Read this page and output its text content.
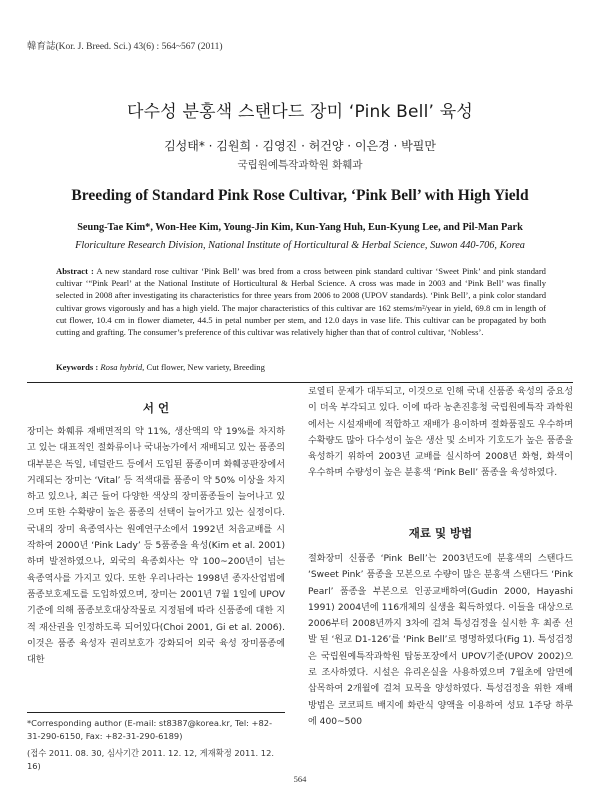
韓育誌(Kor. J. Breed. Sci.) 43(6) : 564~567 (2011)
다수성 분홍색 스탠다드 장미 ‘Pink Bell’ 육성
김성태* · 김원희 · 김영진 · 허건양 · 이은경 · 박필만
국립원예특작과학원 화훼과
Breeding of Standard Pink Rose Cultivar, ‘Pink Bell’ with High Yield
Seung-Tae Kim*, Won-Hee Kim, Young-Jin Kim, Kun-Yang Huh, Eun-Kyung Lee, and Pil-Man Park
Floriculture Research Division, National Institute of Horticultural & Herbal Science, Suwon 440-706, Korea
Abstract : A new standard rose cultivar ‘Pink Bell’ was bred from a cross between pink standard cultivar ‘Sweet Pink’ and pink standard cultivar ‘“Pink Pearl’ at the National Institute of Horticultural & Herbal Science. A cross was made in 2003 and ‘Pink Bell’ was finally selected in 2008 after investigating its characteristics for three years from 2006 to 2008 (UPOV standards). ‘Pink Bell’, a pink color standard cultivar grows vigorously and has a high yield. The major characteristics of this cultivar are 162 stems/m²/year in yield, 69.8 cm in length of cut flower, 10.4 cm in flower diameter, 44.5 in petal number per stem, and 12.0 days in vase life. This cultivar can be propagated by both cutting and grafting. The consumer’s preference of this cultivar was relatively higher than that of control cultivar, ‘Nobless’.
Keywords : Rosa hybrid, Cut flower, New variety, Breeding
서 언

장미는 화훼류 재배면적의 약 11%, 생산액의 약 19%를 차지하고 있는 대표적인 절화류이나 국내농가에서 재배되고 있는 품종의 대부분은 독일, 네덜란드 등에서 도입된 품종이며 화훼공판장에서 거래되는 장미는 ‘Vital’ 등 적색대를 품종이 약 50% 이상을 차지하고 있으나, 최근 들어 다양한 색상의 장미품종들이 늘어나고 있으며 또한 수확량이 높은 품종의 선택이 늘어가고 있는 실정이다. 국내의 장미 육종역사는 원예연구소에서 1992년 처음교배를 시작하여 2000년 ‘Pink Lady’ 등 5품종을 육성(Kim et al. 2001)하며 발전하였으나, 외국의 육종회사는 약 100~200년이 넘는 육종역사를 가지고 있다. 또한 우리나라는 1998년 종자산업법에 품종보호제도를 도입하였으며, 장미는 2001년 7월 1일에 UPOV기준에 의해 품종보호대상작물로 지정됨에 따라 신품종에 대한 지적 재산권을 인정하도록 되어있다(Choi 2001, Gi et al. 2006). 이것은 품종 육성자 권리보호가 강화되어 외국 육성 장미품종에 대한

*Corresponding author (E-mail: st8387@korea.kr, Tel: +82-31-290-6150, Fax: +82-31-290-6189)

(접수 2011. 08. 30, 심사기간 2011. 12. 12, 게재확정 2011. 12. 16)

로열티 문제가 대두되고, 이것으로 인해 국내 신품종 육성의 중요성이 더욱 부각되고 있다. 이에 따라 농촌진흥청 국립원예특작 과학원에서는 시설재배에 적합하고 재배가 용이하며 절화품질도 우수하며 수확량도 많아 다수성이 높은 생산 및 소비자 기호도가 높은 품종을 육성하기 위하여 2003년 교배를 실시하여 2008년 화형, 화색이 우수하며 수량성이 높은 분홍색 ‘Pink Bell’ 품종을 육성하였다.

재료 및 방법

절화장미 신품종 ‘Pink Bell’는 2003년도에 분홍색의 스탠다드 ‘Sweet Pink’ 품종을 모본으로 수량이 많은 분홍색 스탠다드 ‘Pink Pearl’ 품종을 부본으로 인공교배하여(Gudin 2000, Hayashi 1991) 2004년에 116개체의 실생을 획득하였다. 이들을 대상으로 2006부터 2008년까지 3차에 걸쳐 특성검정을 실시한 후 최종 선발 된 ‘원교 D1-126’를 ‘Pink Bell’로 명명하였다(Fig 1). 특성검정은 국립원예특작과학원 탑동포장에서 UPOV기준(UPOV 2002)으로 조사하였다. 시설은 유리온실을 사용하였으며 7월초에 암면에 삽목하여 2개월에 걸쳐 묘목을 양성하였다. 특성검정을 위한 재배방법은 코코피트 배지에 화란식 양액을 이용하여 성묘 1주당 하루에 400~500

564
